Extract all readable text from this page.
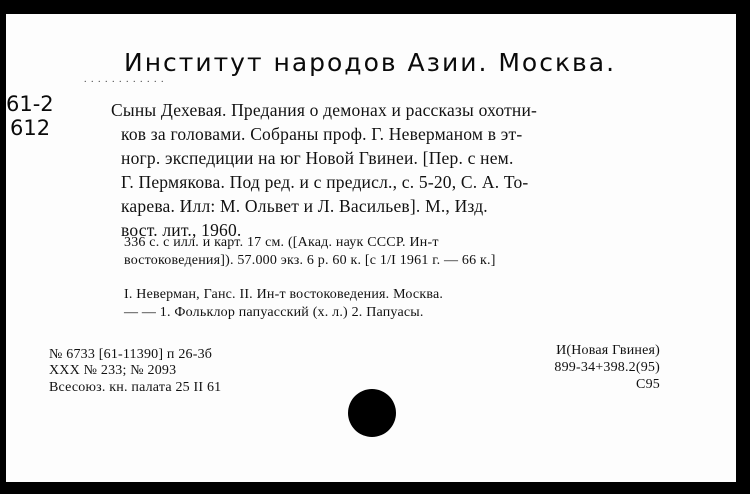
. . . . . . . . . . . .
Институт народов Азии. Москва.
61-2
612
Сыны Дехевая. Предания о демонах и рассказы охотни-
ков за головами. Собраны проф. Г. Неверманом в эт-
ногр. экспедиции на юг Новой Гвинеи. [Пер. с нем.
Г. Пермякова. Под ред. и с предисл., с. 5-20, С. А. То-
карева. Илл: М. Ольвет и Л. Васильев]. М., Изд.
вост. лит., 1960.
336 с. с илл. и карт. 17 см. ([Акад. наук СССР. Ин-т
востоковедения]). 57.000 экз. 6 р. 60 к. [с 1/I 1961 г. — 66 к.]
I. Неверман, Ганс. II. Ин-т востоковедения. Москва.
— — 1. Фольклор папуасский (х. л.) 2. Папуасы.
№ 6733 [61-11390] п 26-3б
XXX № 233; № 2093
Всесоюз. кн. палата 25 II 61
И(Новая Гвинея)
899-34+398.2(95)
С95
